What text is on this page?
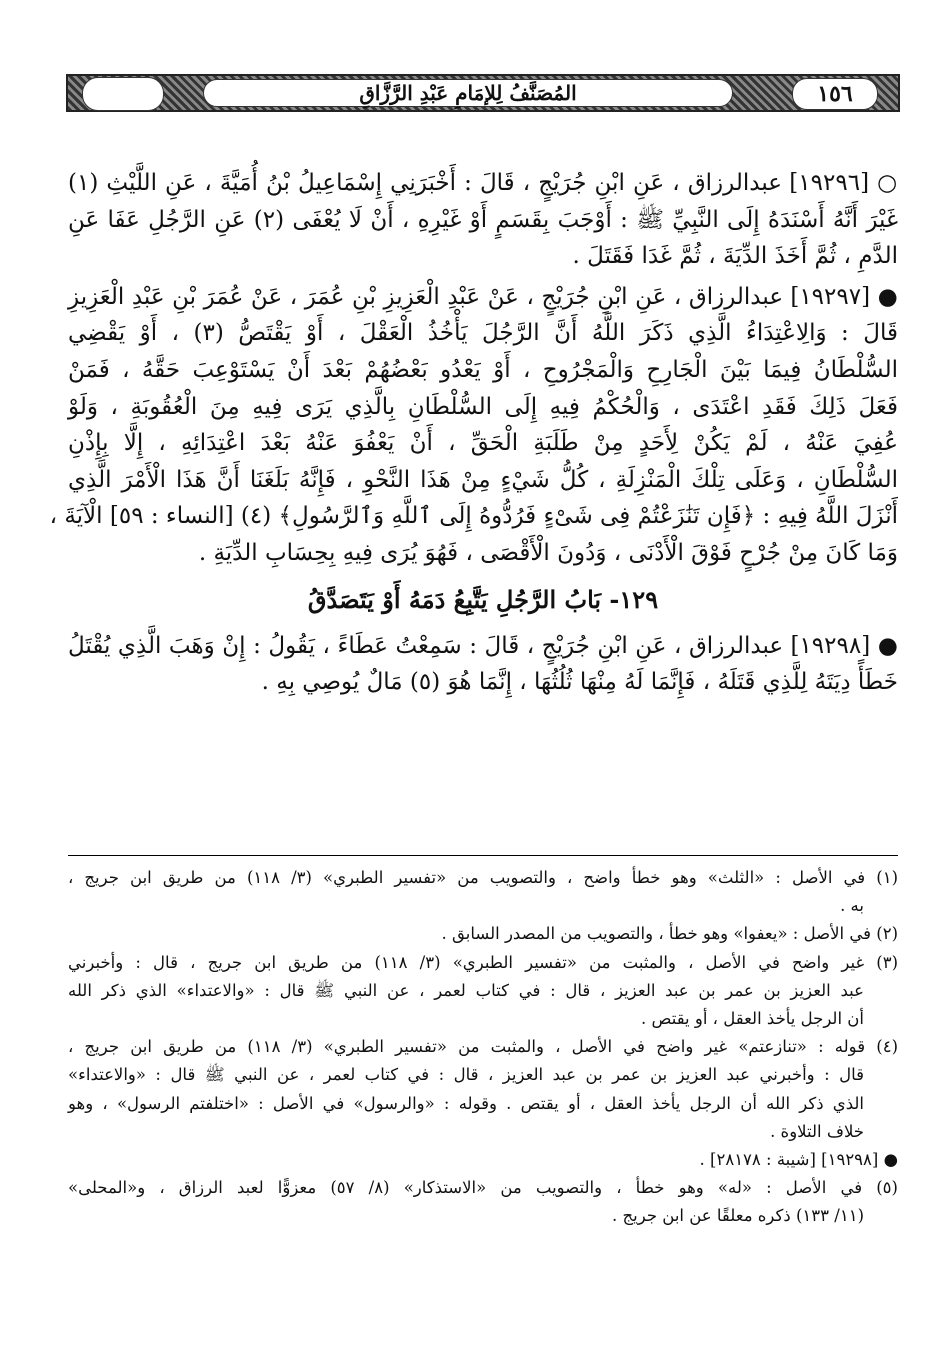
المُصَنَّفُ لِلإمَامِ عَبْدِ الرَّزَّاقِ	١٥٦
○ [١٩٢٩٦] عبدالرزاق ، عَنِ ابْنِ جُرَيْجٍ ، قَالَ : أَخْبَرَنِي إِسْمَاعِيلُ بْنُ أُمَيَّةَ ، عَنِ اللَّيْثِ (١)
غَيْرَ أَنَّهُ أَسْنَدَهُ إِلَى النَّبِيِّ ﷺ : أَوْجَبَ بِقَسَمٍ أَوْ غَيْرِهِ ، أَنْ لَا يُعْفَى (٢) عَنِ الرَّجُلِ عَفَا عَنِ
الدَّمِ ، ثُمَّ أَخَذَ الدِّيَةَ ، ثُمَّ غَدَا فَقَتَلَ .
● [١٩٢٩٧] عبدالرزاق ، عَنِ ابْنِ جُرَيْجٍ ، عَنْ عَبْدِ الْعَزِيزِ بْنِ عُمَرَ ، عَنْ عُمَرَ بْنِ عَبْدِ الْعَزِيزِ
قَالَ : وَالِاعْتِدَاءُ الَّذِي ذَكَرَ اللَّهُ أَنَّ الرَّجُلَ يَأْخُذُ الْعَقْلَ ، أَوْ يَقْتَصُّ (٣) ، أَوْ يَقْضِي
السُّلْطَانُ فِيمَا بَيْنَ الْجَارِحِ وَالْمَجْرُوحِ ، أَوْ يَعْدُو بَعْضُهُمْ بَعْدَ أَنْ يَسْتَوْعِبَ حَقَّهُ ، فَمَنْ
فَعَلَ ذَلِكَ فَقَدِ اعْتَدَى ، وَالْحُكْمُ فِيهِ إِلَى السُّلْطَانِ بِالَّذِي يَرَى فِيهِ مِنَ الْعُقُوبَةِ ، وَلَوْ
عُفِيَ عَنْهُ ، لَمْ يَكُنْ لِأَحَدٍ مِنْ طَلَبَةِ الْحَقِّ ، أَنْ يَعْفُوَ عَنْهُ بَعْدَ اعْتِدَائِهِ ، إِلَّا بِإِذْنِ
السُّلْطَانِ ، وَعَلَى تِلْكَ الْمَنْزِلَةِ ، كُلُّ شَيْءٍ مِنْ هَذَا النَّحْوِ ، فَإِنَّهُ بَلَغَنَا أَنَّ هَذَا الْأَمْرَ الَّذِي
أَنْزَلَ اللَّهُ فِيهِ : ﴿فَإِن تَنَٰزَعْتُمْ فِى شَىْءٍ فَرُدُّوهُ إِلَى ٱللَّهِ وَٱلرَّسُولِ﴾ (٤) [النساء : ٥٩] الْآيَةَ ،
وَمَا كَانَ مِنْ جُرْحٍ فَوْقَ الْأَدْنَى ، وَدُونَ الْأَقْصَى ، فَهُوَ يُرَى فِيهِ بِحِسَابِ الدِّيَةِ .
١٢٩- بَابُ الرَّجُلِ يَتَّبِعُ دَمَهُ أَوْ يَتَصَدَّقُ
● [١٩٢٩٨] عبدالرزاق ، عَنِ ابْنِ جُرَيْجٍ ، قَالَ : سَمِعْتُ عَطَاءً ، يَقُولُ : إِنْ وَهَبَ الَّذِي يُقْتَلُ
خَطَأً دِيَتَهُ لِلَّذِي قَتَلَهُ ، فَإِنَّمَا لَهُ مِنْهَا ثُلُثُهَا ، إِنَّمَا هُوَ (٥) مَالٌ يُوصِي بِهِ .
(١) في الأصل : «الثلث» وهو خطأ واضح ، والتصويب من «تفسير الطبري» (٣/ ١١٨) من طريق ابن جريج ،
به .
(٢) في الأصل : «يعفوا» وهو خطأ ، والتصويب من المصدر السابق .
(٣) غير واضح في الأصل ، والمثبت من «تفسير الطبري» (٣/ ١١٨) من طريق ابن جريج ، قال : وأخبرني
عبد العزيز بن عمر بن عبد العزيز ، قال : في كتاب لعمر ، عن النبي ﷺ قال : «والاعتداء» الذي ذكر الله
أن الرجل يأخذ العقل ، أو يقتص .
(٤) قوله : «تنازعتم» غير واضح في الأصل ، والمثبت من «تفسير الطبري» (٣/ ١١٨) من طريق ابن جريج ،
قال : وأخبرني عبد العزيز بن عمر بن عبد العزيز ، قال : في كتاب لعمر ، عن النبي ﷺ قال : «والاعتداء»
الذي ذكر الله أن الرجل يأخذ العقل ، أو يقتص . وقوله : «والرسول» في الأصل : «اختلفتم الرسول» ، وهو
خلاف التلاوة .
● [١٩٢٩٨] [شيبة : ٢٨١٧٨] .
(٥) في الأصل : «له» وهو خطأ ، والتصويب من «الاستذكار» (٨/ ٥٧) معزوًّا لعبد الرزاق ، و«المحلى»
(١١/ ١٣٣) ذكره معلقًا عن ابن جريج .
